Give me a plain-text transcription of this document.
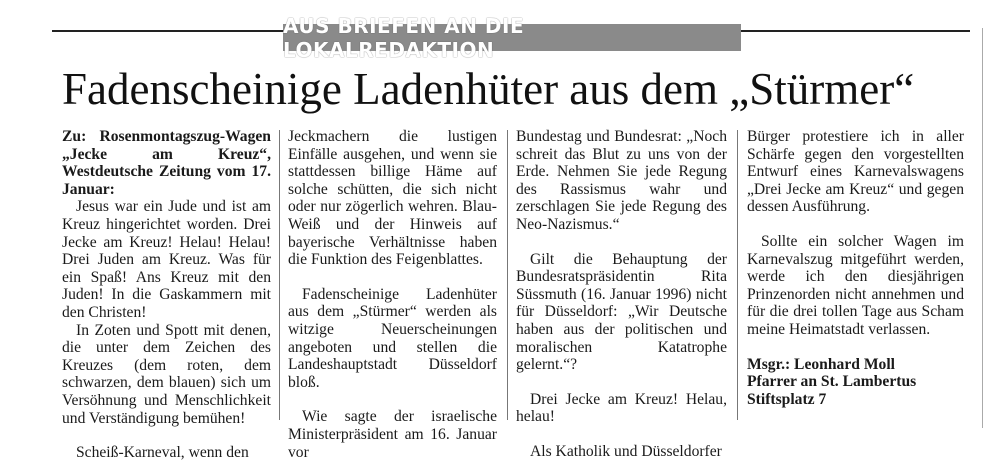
AUS BRIEFEN AN DIE LOKALREDAKTION
Fadenscheinige Ladenhüter aus dem „Stürmer“

Zu: Rosenmontagszug-Wagen „Jecke am Kreuz“, Westdeutsche Zeitung vom 17. Januar:

Jesus war ein Jude und ist am Kreuz hingerichtet worden. Drei Jecke am Kreuz! Helau! Helau! Drei Juden am Kreuz. Was für ein Spaß! Ans Kreuz mit den Juden! In die Gaskammern mit den Christen!

In Zoten und Spott mit denen, die unter dem Zeichen des Kreuzes (dem roten, dem schwarzen, dem blauen) sich um Versöhnung und Menschlichkeit und Verständigung bemühen!

Scheiß-Karneval, wenn den

Jeckmachern die lustigen Einfälle ausgehen, und wenn sie stattdessen billige Häme auf solche schütten, die sich nicht oder nur zögerlich wehren. Blau-Weiß und der Hinweis auf bayerische Verhältnisse haben die Funktion des Feigenblattes.

Fadenscheinige Ladenhüter aus dem „Stürmer“ werden als witzige Neuerscheinungen angeboten und stellen die Landeshauptstadt Düsseldorf bloß.

Wie sagte der israelische Ministerpräsident am 16. Januar vor

Bundestag und Bundesrat: „Noch schreit das Blut zu uns von der Erde. Nehmen Sie jede Regung des Rassismus wahr und zerschlagen Sie jede Regung des Neo-Nazismus.“

Gilt die Behauptung der Bundesratspräsidentin Rita Süssmuth (16. Januar 1996) nicht für Düsseldorf: „Wir Deutsche haben aus der politischen und moralischen Katatrophe gelernt.“?

Drei Jecke am Kreuz! Helau, helau!

Als Katholik und Düsseldorfer

Bürger protestiere ich in aller Schärfe gegen den vorgestellten Entwurf eines Karnevalswagens „Drei Jecke am Kreuz“ und gegen dessen Ausführung.

Sollte ein solcher Wagen im Karnevalszug mitgeführt werden, werde ich den diesjährigen Prinzenorden nicht annehmen und für die drei tollen Tage aus Scham meine Heimatstadt verlassen.

Msgr.: Leonhard Moll

Pfarrer an St. Lambertus

Stiftsplatz 7
